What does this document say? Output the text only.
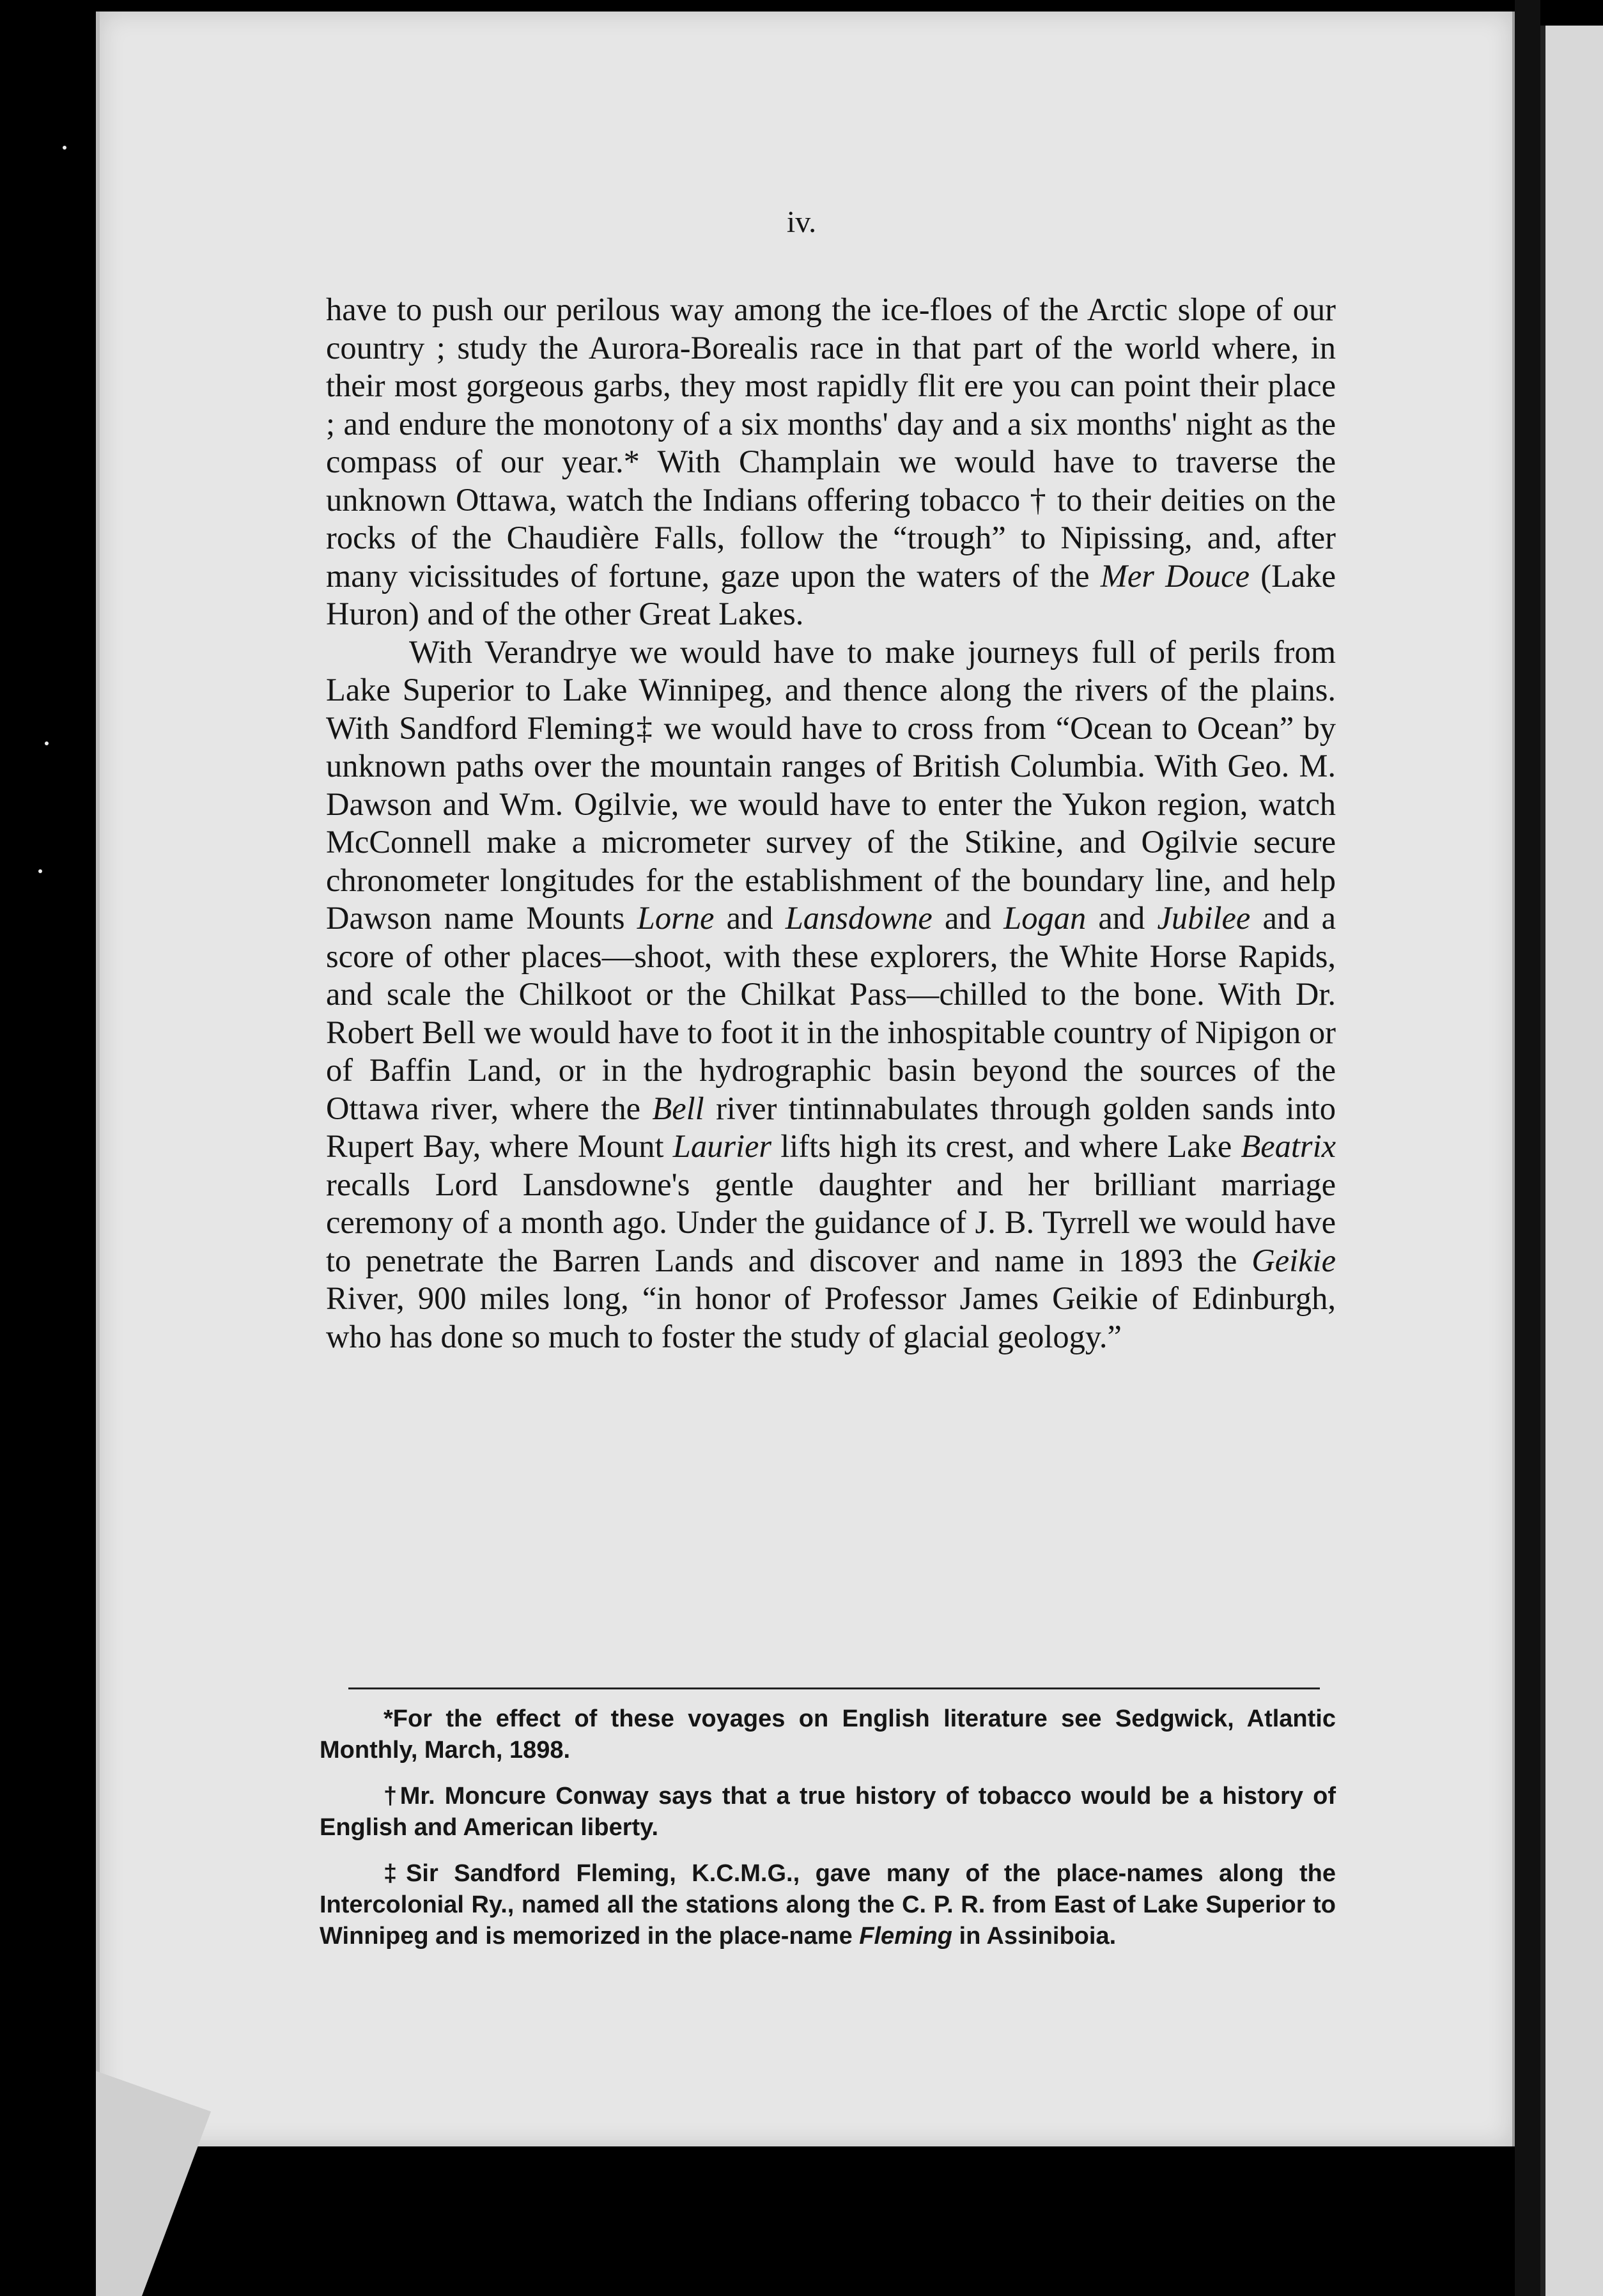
iv.

have to push our perilous way among the ice-floes of the Arctic slope of our country ; study the Aurora-Borealis race in that part of the world where, in their most gorgeous garbs, they most rapidly flit ere you can point their place ; and endure the monotony of a six months' day and a six months' night as the compass of our year.* With Champlain we would have to traverse the unknown Ottawa, watch the Indians offering tobacco † to their deities on the rocks of the Chaudière Falls, follow the “trough” to Nipissing, and, after many vicissitudes of fortune, gaze upon the waters of the Mer Douce (Lake Huron) and of the other Great Lakes.

With Verandrye we would have to make journeys full of perils from Lake Superior to Lake Winnipeg, and thence along the rivers of the plains. With Sandford Fleming‡ we would have to cross from “Ocean to Ocean” by unknown paths over the mountain ranges of British Columbia. With Geo. M. Dawson and Wm. Ogilvie, we would have to enter the Yukon region, watch McConnell make a micrometer survey of the Stikine, and Ogilvie secure chronometer longitudes for the establishment of the boundary line, and help Dawson name Mounts Lorne and Lansdowne and Logan and Jubilee and a score of other places—shoot, with these explorers, the White Horse Rapids, and scale the Chilkoot or the Chilkat Pass—chilled to the bone. With Dr. Robert Bell we would have to foot it in the inhospitable country of Nipigon or of Baffin Land, or in the hydrographic basin beyond the sources of the Ottawa river, where the Bell river tintinnabulates through golden sands into Rupert Bay, where Mount Laurier lifts high its crest, and where Lake Beatrix recalls Lord Lansdowne's gentle daughter and her brilliant marriage ceremony of a month ago. Under the guidance of J. B. Tyrrell we would have to penetrate the Barren Lands and discover and name in 1893 the Geikie River, 900 miles long, “in honor of Professor James Geikie of Edinburgh, who has done so much to foster the study of glacial geology.”

*For the effect of these voyages on English literature see Sedgwick, Atlantic Monthly, March, 1898.

†Mr. Moncure Conway says that a true history of tobacco would be a history of English and American liberty.

‡Sir Sandford Fleming, K.C.M.G., gave many of the place-names along the Intercolonial Ry., named all the stations along the C. P. R. from East of Lake Superior to Winnipeg and is memorized in the place-name Fleming in Assiniboia.
